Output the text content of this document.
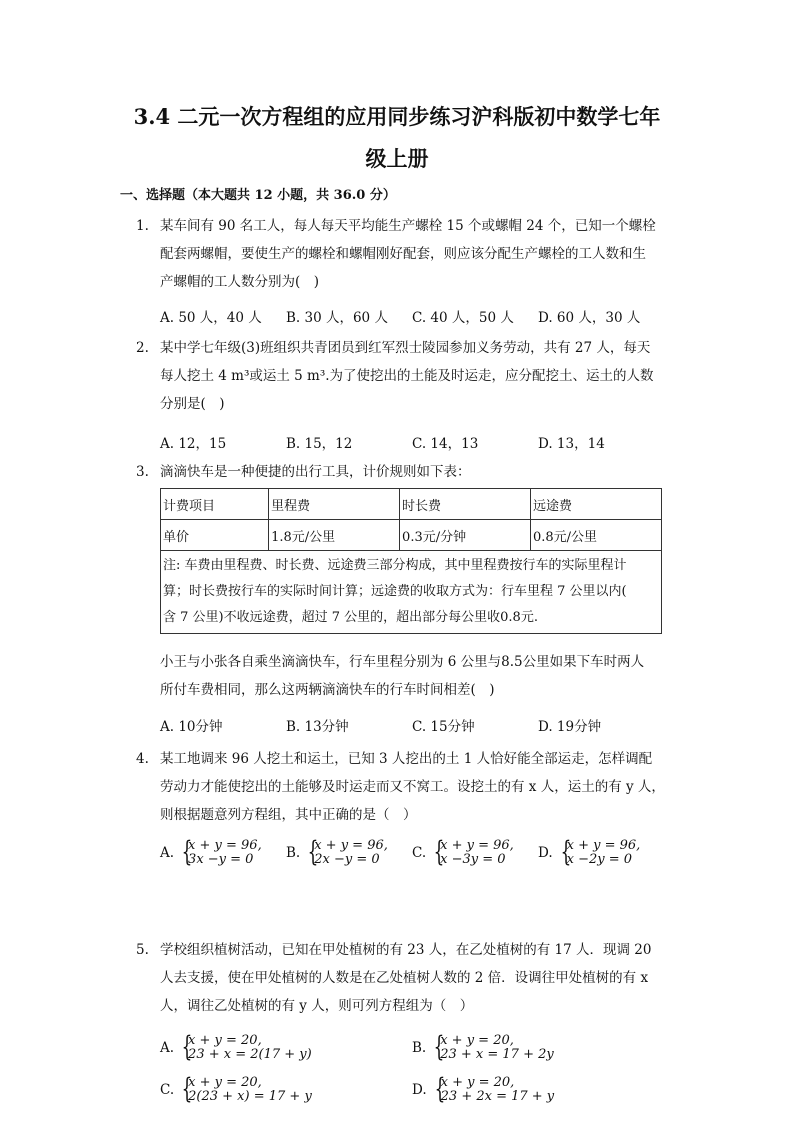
3.4 二元一次方程组的应用同步练习沪科版初中数学七年
级上册
一、选择题（本大题共 12 小题，共 36.0 分）
1. 某车间有 90 名工人，每人每天平均能生产螺栓 15 个或螺帽 24 个，已知一个螺栓
配套两螺帽，要使生产的螺栓和螺帽刚好配套，则应该分配生产螺栓的工人数和生
产螺帽的工人数分别为(　)
A. 50 人，40 人 B. 30 人，60 人 C. 40 人，50 人 D. 60 人，30 人
2. 某中学七年级(3)班组织共青团员到红军烈士陵园参加义务劳动，共有 27 人，每天
每人挖土 4 m³或运土 5 m³.为了使挖出的土能及时运走，应分配挖土、运土的人数
分别是(　)
A. 12，15	B. 15，12	C. 14，13	D. 13，14
3. 滴滴快车是一种便捷的出行工具，计价规则如下表：
计费项目	里程费	时长费	远途费
单价	1.8元/公里	0.3元/分钟	0.8元/公里

注: 车费由里程费、时长费、远途费三部分构成，其中里程费按行车的实际里程计
算；时长费按行车的实际时间计算；远途费的收取方式为：行车里程 7 公里以内(
含 7 公里)不收远途费，超过 7 公里的，超出部分每公里收0.8元.			
小王与小张各自乘坐滴滴快车，行车里程分别为 6 公里与8.5公里如果下车时两人
所付车费相同，那么这两辆滴滴快车的行车时间相差(　)
A. 10分钟	B. 13分钟	C. 15分钟	D. 19分钟
4. 某工地调来 96 人挖土和运土，已知 3 人挖出的土 1 人恰好能全部运走，怎样调配
劳动力才能使挖出的土能够及时运走而又不窝工。设挖土的有 x 人，运土的有 y 人，
则根据题意列方程组，其中正确的是（　）
A. {
x + y = 96,
3x −y = 0	B. {
x + y = 96,
2x −y = 0	C. {
x + y = 96,
x −3y = 0	D. {
x + y = 96,
x −2y = 0
5. 学校组织植树活动，已知在甲处植树的有 23 人，在乙处植树的有 17 人．现调 20
人去支援，使在甲处植树的人数是在乙处植树人数的 2 倍．设调往甲处植树的有 x
人，调往乙处植树的有 y 人，则可列方程组为（　）
A. {
x + y = 20,
23 + x = 2(17 + y)	B. {
x + y = 20,
23 + x = 17 + 2y
C. {
x + y = 20,
2(23 + x) = 17 + y	D. {
x + y = 20,
23 + 2x = 17 + y
